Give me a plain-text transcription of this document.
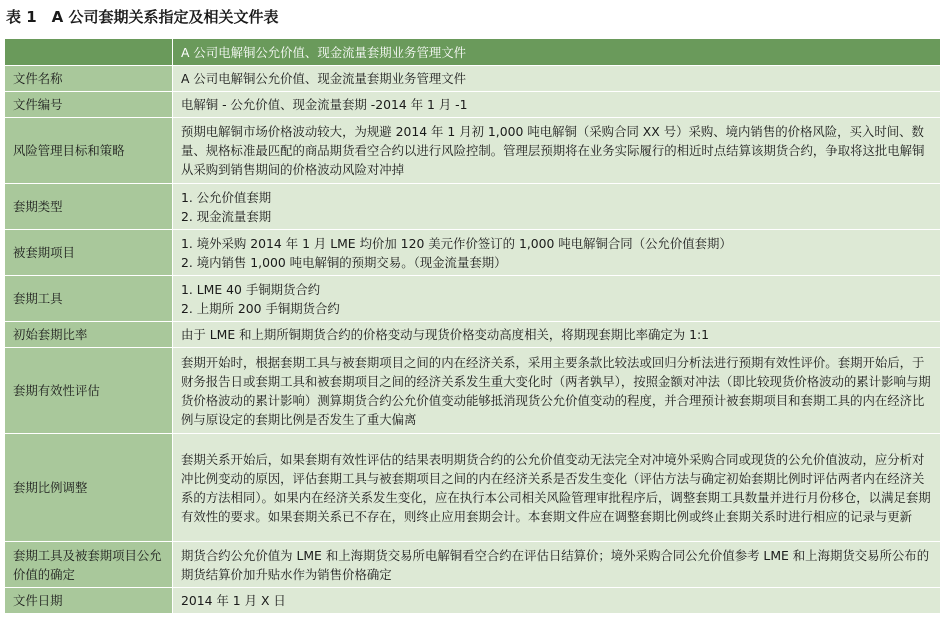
表 1　A 公司套期关系指定及相关文件表
	A 公司电解铜公允价值、现金流量套期业务管理文件
文件名称	A 公司电解铜公允价值、现金流量套期业务管理文件

文件编号	电解铜 - 公允价值、现金流量套期 -2014 年 1 月 -1

风险管理目标和策略	预期电解铜市场价格波动较大，为规避 2014 年 1 月初 1,000 吨电解铜（采购合同 XX 号）采购、境内销售的价格风险，买入时间、数量、规格标准最匹配的商品期货看空合约以进行风险控制。管理层预期将在业务实际履行的相近时点结算该期货合约，争取将这批电解铜从采购到销售期间的价格波动风险对冲掉

套期类型	1. 公允价值套期
2. 现金流量套期

被套期项目	1. 境外采购 2014 年 1 月 LME 均价加 120 美元作价签订的 1,000 吨电解铜合同（公允价值套期）
2. 境内销售 1,000 吨电解铜的预期交易。（现金流量套期）

套期工具	1. LME 40 手铜期货合约
2. 上期所 200 手铜期货合约

初始套期比率	由于 LME 和上期所铜期货合约的价格变动与现货价格变动高度相关，将期现套期比率确定为 1:1

套期有效性评估	套期开始时，根据套期工具与被套期项目之间的内在经济关系，采用主要条款比较法或回归分析法进行预期有效性评价。套期开始后，于财务报告日或套期工具和被套期项目之间的经济关系发生重大变化时（两者孰早），按照金额对冲法（即比较现货价格波动的累计影响与期货价格波动的累计影响）测算期货合约公允价值变动能够抵消现货公允价值变动的程度，并合理预计被套期项目和套期工具的内在经济比例与原设定的套期比例是否发生了重大偏离

套期比例调整	套期关系开始后，如果套期有效性评估的结果表明期货合约的公允价值变动无法完全对冲境外采购合同或现货的公允价值波动，应分析对冲比例变动的原因，评估套期工具与被套期项目之间的内在经济关系是否发生变化（评估方法与确定初始套期比例时评估两者内在经济关系的方法相同）。如果内在经济关系发生变化，应在执行本公司相关风险管理审批程序后，调整套期工具数量并进行月份移仓，以满足套期有效性的要求。如果套期关系已不存在，则终止应用套期会计。本套期文件应在调整套期比例或终止套期关系时进行相应的记录与更新

套期工具及被套期项目公允价值的确定	期货合约公允价值为 LME 和上海期货交易所电解铜看空合约在评估日结算价；境外采购合同公允价值参考 LME 和上海期货交易所公布的期货结算价加升贴水作为销售价格确定

文件日期	2014 年 1 月 X 日
